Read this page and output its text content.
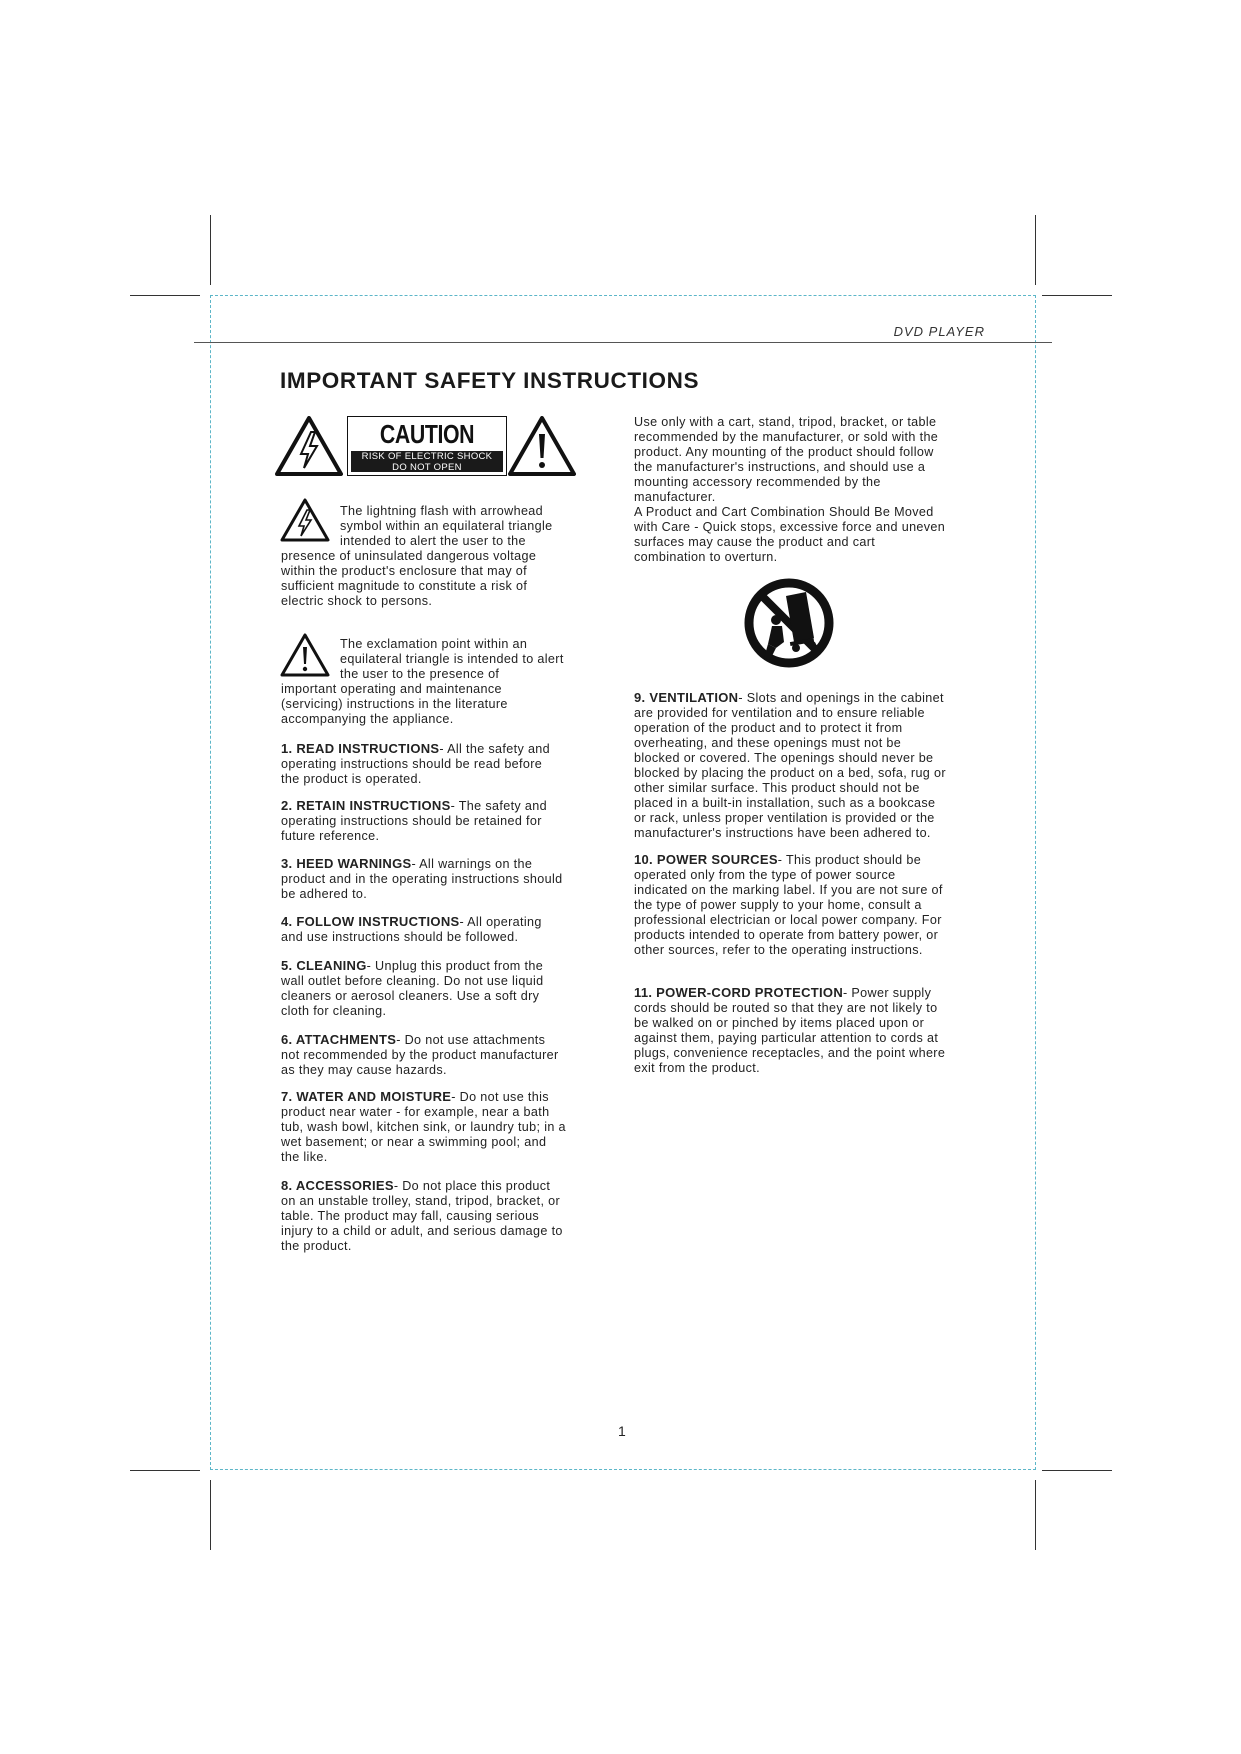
DVD PLAYER
IMPORTANT SAFETY INSTRUCTIONS
CAUTION
RISK OF ELECTRIC SHOCK
DO NOT OPEN

The lightning flash with arrowhead

symbol within an equilateral triangle

intended to alert the user to the

presence of uninsulated dangerous voltage

within the product's enclosure that may of

sufficient magnitude to constitute a risk of

electric shock to persons.

The exclamation point within an

equilateral triangle is intended to alert

the user to the presence of

important operating and maintenance

(servicing) instructions in the literature

accompanying the appliance.

1. READ INSTRUCTIONS- All the safety and

operating instructions should be read before

the product is operated.

2. RETAIN INSTRUCTIONS- The safety and

operating instructions should be retained for

future reference.

3. HEED WARNINGS- All warnings on the

product and in the operating instructions should

be adhered to.

4. FOLLOW INSTRUCTIONS- All operating

and use instructions should be followed.

5. CLEANING- Unplug this product from the

wall outlet before cleaning. Do not use liquid

cleaners or aerosol cleaners. Use a soft dry

cloth for cleaning.

6. ATTACHMENTS- Do not use attachments

not recommended by the product manufacturer

as they may cause hazards.

7. WATER AND MOISTURE- Do not use this

product near water - for example, near a bath

tub, wash bowl, kitchen sink, or laundry tub; in a

wet basement; or near a swimming pool; and

the like.

8. ACCESSORIES- Do not place this product

on an unstable trolley, stand, tripod, bracket, or

table. The product may fall, causing serious

injury to a child or adult, and serious damage to

the product.

Use only with a cart, stand, tripod, bracket, or table

recommended by the manufacturer, or sold with the

product. Any mounting of the product should follow

the manufacturer's instructions, and should use a

mounting accessory recommended by the

manufacturer.

A Product and Cart Combination Should Be Moved

with Care - Quick stops, excessive force and uneven

surfaces may cause the product and cart

combination to overturn.

9. VENTILATION- Slots and openings in the cabinet

are provided for ventilation and to ensure reliable

operation of the product and to protect it from

overheating, and these openings must not be

blocked or covered. The openings should never be

blocked by placing the product on a bed, sofa, rug or

other similar surface. This product should not be

placed in a built-in installation, such as a bookcase

or rack, unless proper ventilation is provided or the

manufacturer's instructions have been adhered to.

10. POWER SOURCES- This product should be

operated only from the type of power source

indicated on the marking label. If you are not sure of

the type of power supply to your home, consult a

professional electrician or local power company. For

products intended to operate from battery power, or

other sources, refer to the operating instructions.

11. POWER-CORD PROTECTION- Power supply

cords should be routed so that they are not likely to

be walked on or pinched by items placed upon or

against them, paying particular attention to cords at

plugs, convenience receptacles, and the point where

exit from the product.

1
